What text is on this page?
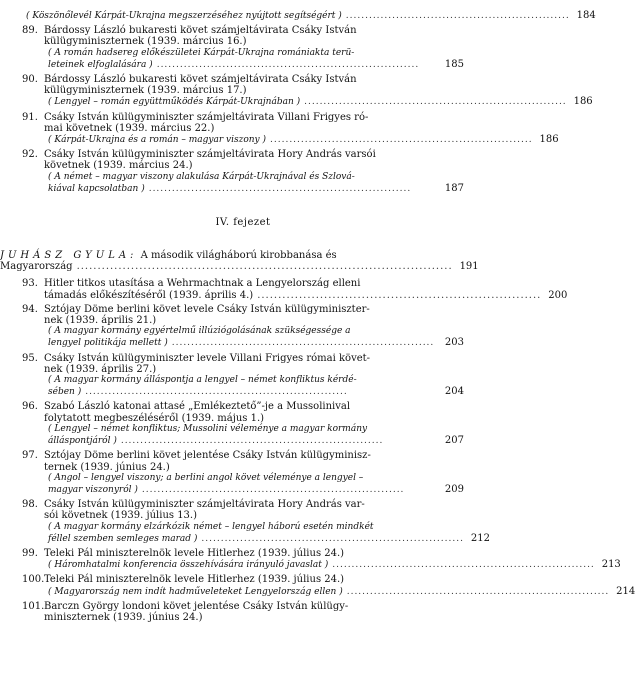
( Köszönőlevél Kárpát-Ukrajna megszerzéséhez nyújtott segítségért ) .......................................................... 184
89. Bárdossy László bukaresti követ számjeltávirata Csáky István
külügyminiszternek (1939. március 16.)
( A román hadsereg előkészületei Kárpát-Ukrajna romániakta terü-
leteinek elfoglalására ) ....................................................................	185
90. Bárdossy László bukaresti követ számjeltávirata Csáky István
külügyminiszternek (1939. március 17.)
( Lengyel – román együttműködés Kárpát-Ukrajnában ) .................................................................... 186
91. Csáky István külügyminiszter számjeltávirata Villani Frigyes ró-
mai követnek (1939. március 22.)
( Kárpát-Ukrajna és a román – magyar viszony ) .................................................................... 186
92. Csáky István külügyminiszter számjeltávirata Hory András varsói
követnek (1939. március 24.)
( A német – magyar viszony alakulása Kárpát-Ukrajnával és Szlová-
kiával kapcsolatban ) ....................................................................	187
IV. fejezet
JUHÁSZ GYULA: A második világháború kirobbanása és
Magyarország .......................................................................................... 191
93. Hitler titkos utasítása a Wehrmachtnak a Lengyelország elleni
támadás előkészítéséről (1939. április 4.) .................................................................... 200
94. Sztójay Döme berlini követ levele Csáky István külügyminiszter-
nek (1939. április 21.)
( A magyar kormány egyértelmű illúziógolásának szükségessége a
lengyel politikája mellett ) ....................................................................	203
95. Csáky István külügyminiszter levele Villani Frigyes római követ-
nek (1939. április 27.)
( A magyar kormány álláspontja a lengyel – német konfliktus kérdé-
sében ) ....................................................................	204
96. Szabó László katonai attasé „Emlékeztető”-je a Mussolinival
folytatott megbeszéléséről (1939. május 1.)
( Lengyel – német konfliktus; Mussolini véleménye a magyar kormány
álláspontjáról ) ....................................................................	207
97. Sztójay Döme berlini követ jelentése Csáky István külügyminisz-
ternek (1939. június 24.)
( Angol – lengyel viszony; a berlini angol követ véleménye a lengyel –
magyar viszonyról ) ....................................................................	209
98. Csáky István külügyminiszter számjeltávirata Hory András var-
sói követnek (1939. július 13.)
( A magyar kormány elzárkózik német – lengyel háború esetén mindkét
féllel szemben semleges marad ) .................................................................... 212
99. Teleki Pál miniszterelnök levele Hitlerhez (1939. július 24.)
( Háromhatalmi konferencia összehívására irányuló javaslat ) .................................................................... 213
100. Teleki Pál miniszterelnök levele Hitlerhez (1939. július 24.)
( Magyarország nem indít hadműveleteket Lengyelország ellen ) .................................................................... 214
101. Barczn György londoni követ jelentése Csáky István külügy-
miniszternek (1939. június 24.)
